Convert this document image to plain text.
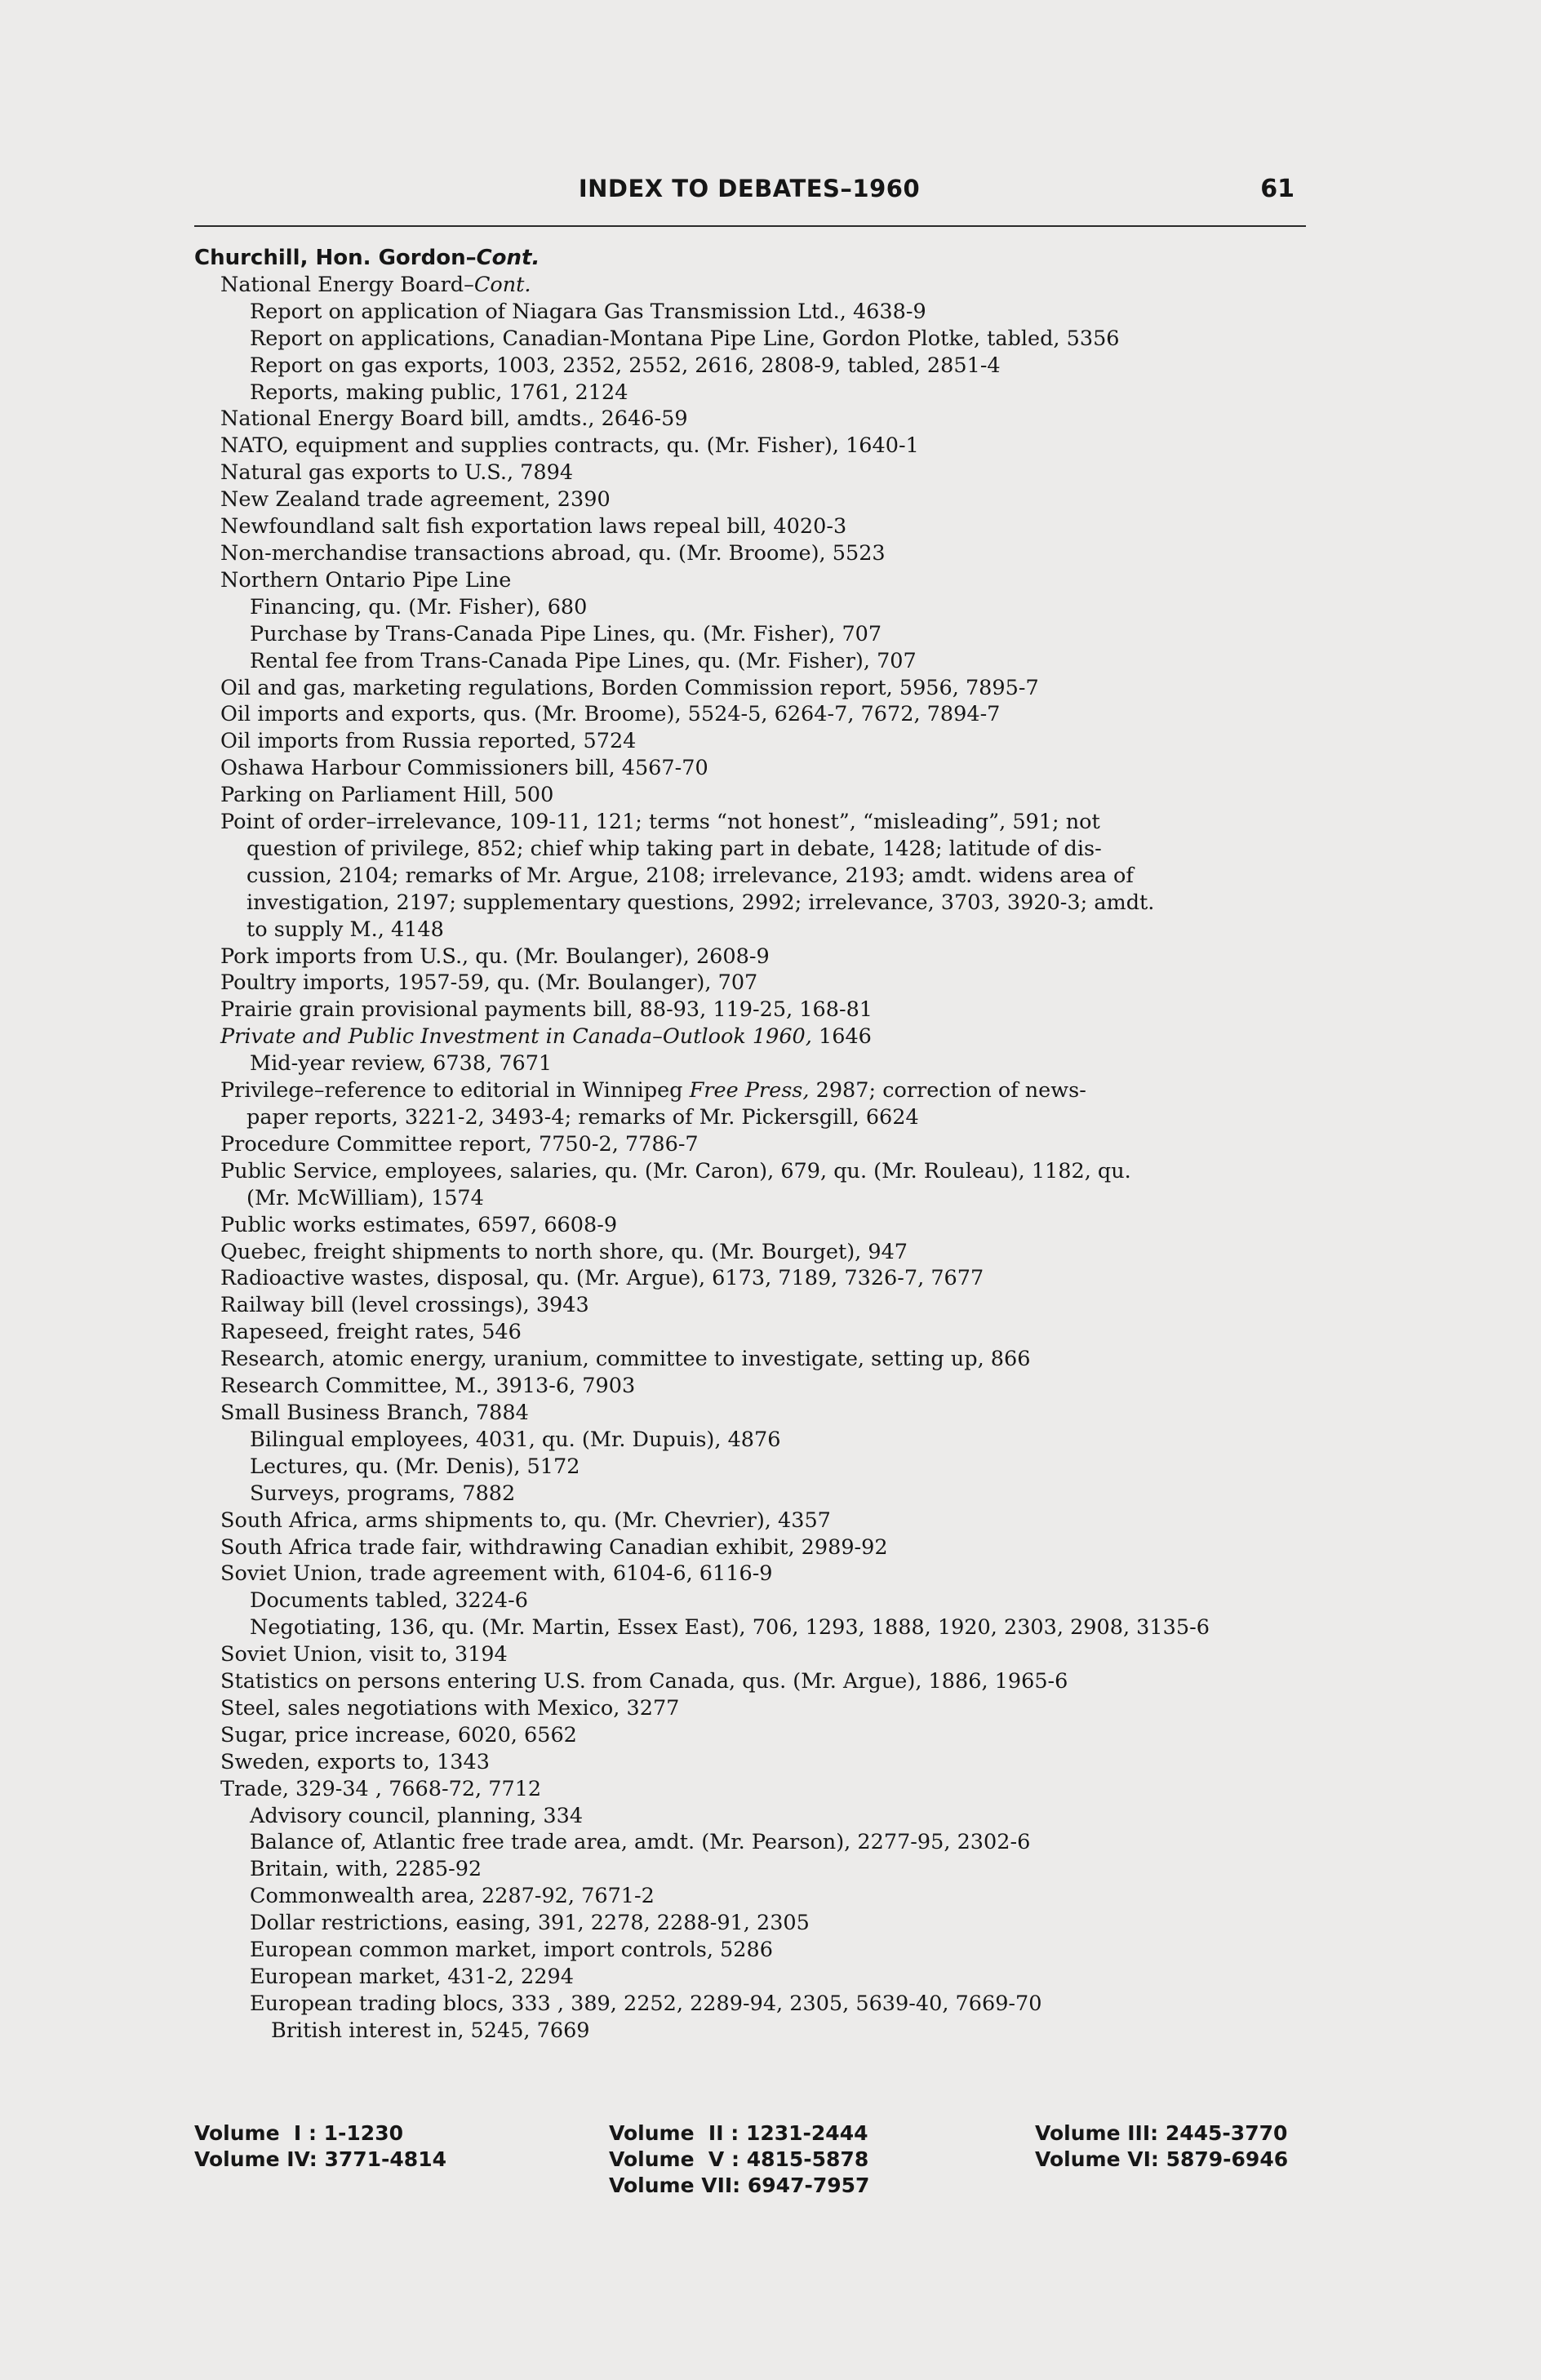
INDEX TO DEBATES–1960	61
Churchill, Hon. Gordon–Cont.
National Energy Board–Cont.
Report on application of Niagara Gas Transmission Ltd., 4638-9
Report on applications, Canadian-Montana Pipe Line, Gordon Plotke, tabled, 5356
Report on gas exports, 1003, 2352, 2552, 2616, 2808-9, tabled, 2851-4
Reports, making public, 1761, 2124
National Energy Board bill, amdts., 2646-59
NATO, equipment and supplies contracts, qu. (Mr. Fisher), 1640-1
Natural gas exports to U.S., 7894
New Zealand trade agreement, 2390
Newfoundland salt fish exportation laws repeal bill, 4020-3
Non-merchandise transactions abroad, qu. (Mr. Broome), 5523
Northern Ontario Pipe Line
Financing, qu. (Mr. Fisher), 680
Purchase by Trans-Canada Pipe Lines, qu. (Mr. Fisher), 707
Rental fee from Trans-Canada Pipe Lines, qu. (Mr. Fisher), 707
Oil and gas, marketing regulations, Borden Commission report, 5956, 7895-7
Oil imports and exports, qus. (Mr. Broome), 5524-5, 6264-7, 7672, 7894-7
Oil imports from Russia reported, 5724
Oshawa Harbour Commissioners bill, 4567-70
Parking on Parliament Hill, 500
Point of order–irrelevance, 109-11, 121; terms “not honest”, “misleading”, 591; not
question of privilege, 852; chief whip taking part in debate, 1428; latitude of dis-
cussion, 2104; remarks of Mr. Argue, 2108; irrelevance, 2193; amdt. widens area of
investigation, 2197; supplementary questions, 2992; irrelevance, 3703, 3920-3; amdt.
to supply M., 4148
Pork imports from U.S., qu. (Mr. Boulanger), 2608-9
Poultry imports, 1957-59, qu. (Mr. Boulanger), 707
Prairie grain provisional payments bill, 88-93, 119-25, 168-81
Private and Public Investment in Canada–Outlook 1960, 1646
Mid-year review, 6738, 7671
Privilege–reference to editorial in Winnipeg Free Press, 2987; correction of news-
paper reports, 3221-2, 3493-4; remarks of Mr. Pickersgill, 6624
Procedure Committee report, 7750-2, 7786-7
Public Service, employees, salaries, qu. (Mr. Caron), 679, qu. (Mr. Rouleau), 1182, qu.
(Mr. McWilliam), 1574
Public works estimates, 6597, 6608-9
Quebec, freight shipments to north shore, qu. (Mr. Bourget), 947
Radioactive wastes, disposal, qu. (Mr. Argue), 6173, 7189, 7326-7, 7677
Railway bill (level crossings), 3943
Rapeseed, freight rates, 546
Research, atomic energy, uranium, committee to investigate, setting up, 866
Research Committee, M., 3913-6, 7903
Small Business Branch, 7884
Bilingual employees, 4031, qu. (Mr. Dupuis), 4876
Lectures, qu. (Mr. Denis), 5172
Surveys, programs, 7882
South Africa, arms shipments to, qu. (Mr. Chevrier), 4357
South Africa trade fair, withdrawing Canadian exhibit, 2989-92
Soviet Union, trade agreement with, 6104-6, 6116-9
Documents tabled, 3224-6
Negotiating, 136, qu. (Mr. Martin, Essex East), 706, 1293, 1888, 1920, 2303, 2908, 3135-6
Soviet Union, visit to, 3194
Statistics on persons entering U.S. from Canada, qus. (Mr. Argue), 1886, 1965-6
Steel, sales negotiations with Mexico, 3277
Sugar, price increase, 6020, 6562
Sweden, exports to, 1343
Trade, 329-34 , 7668-72, 7712
Advisory council, planning, 334
Balance of, Atlantic free trade area, amdt. (Mr. Pearson), 2277-95, 2302-6
Britain, with, 2285-92
Commonwealth area, 2287-92, 7671-2
Dollar restrictions, easing, 391, 2278, 2288-91, 2305
European common market, import controls, 5286
European market, 431-2, 2294
European trading blocs, 333 , 389, 2252, 2289-94, 2305, 5639-40, 7669-70
British interest in, 5245, 7669
Volume  I : 1-1230
Volume IV: 3771-4814
Volume  II : 1231-2444
Volume  V : 4815-5878
Volume VII: 6947-7957
Volume III: 2445-3770
Volume VI: 5879-6946
